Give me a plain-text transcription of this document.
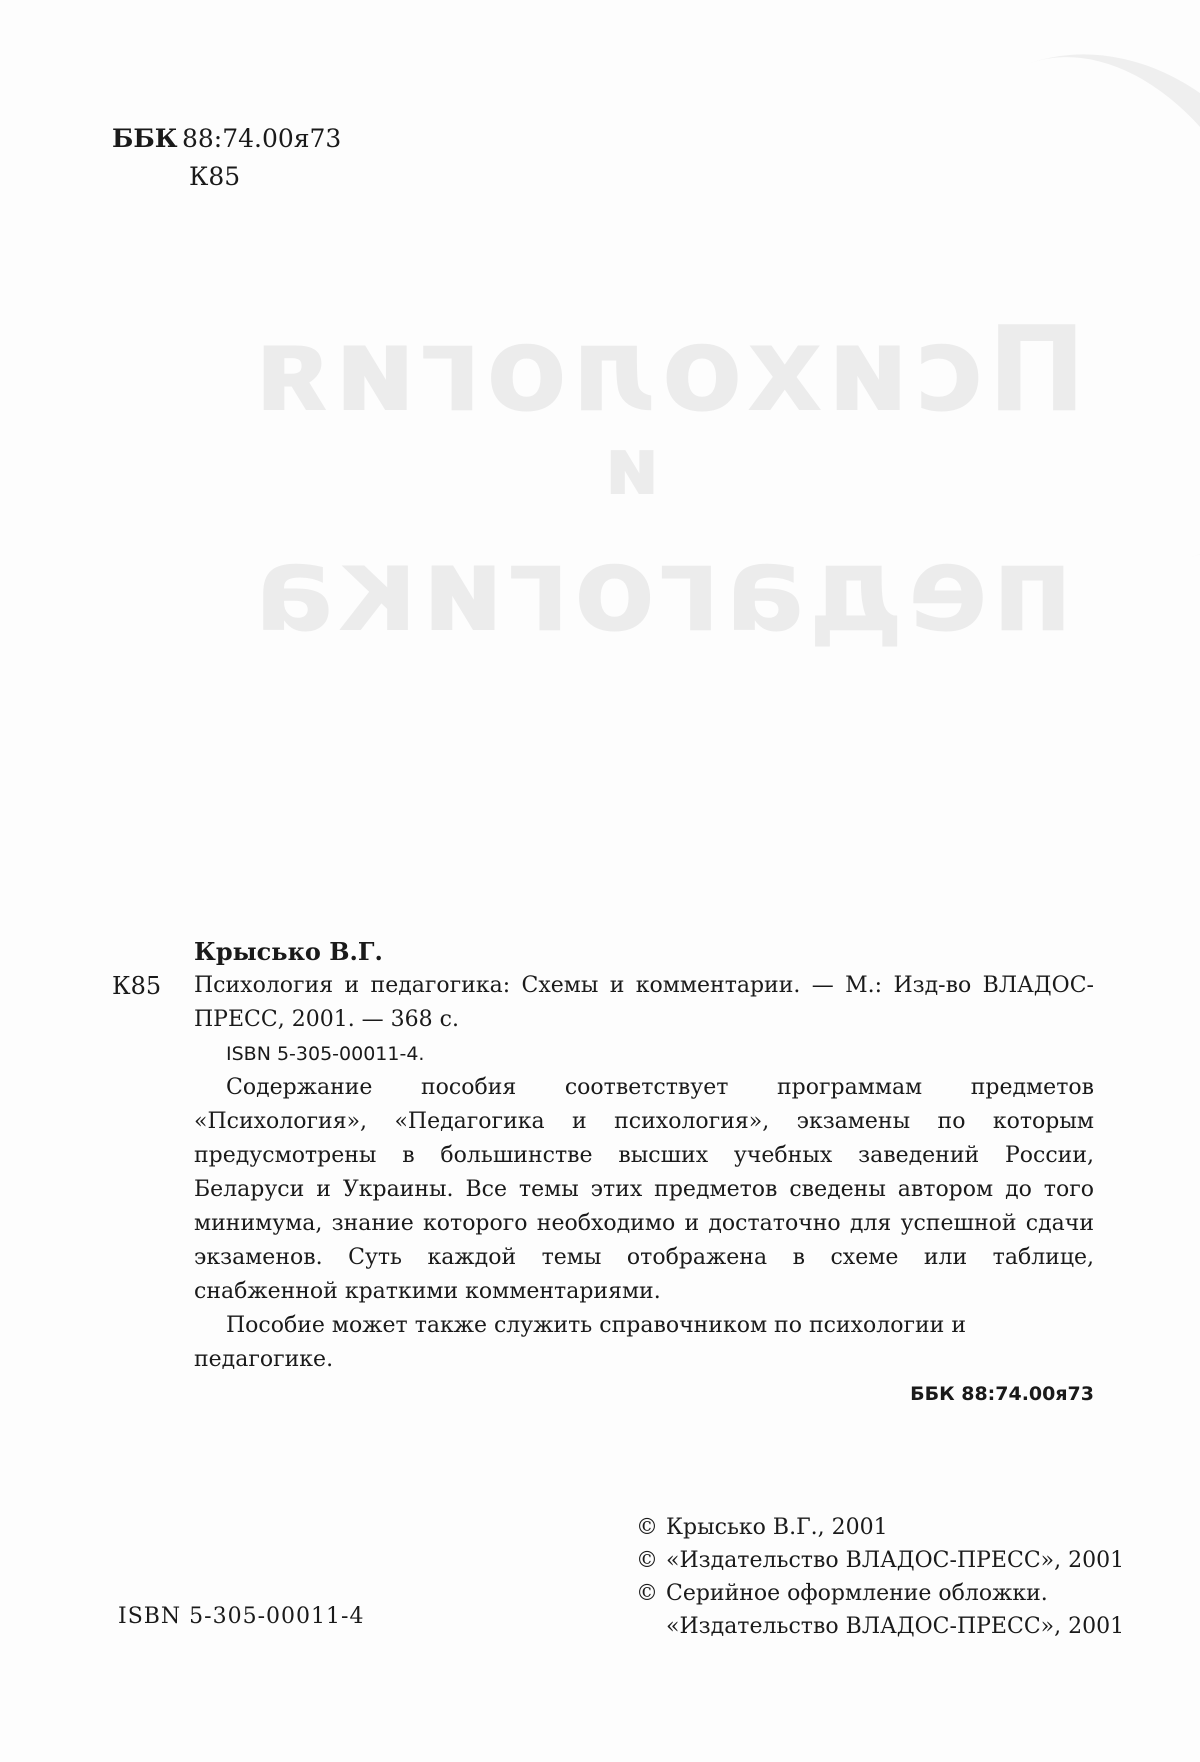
Психология
и
педагогика
ББК 88:74.00я73
К85
Крысько В.Г.
К85 Психология и педагогика: Схемы и комментарии. — М.: Изд-во ВЛАДОС-ПРЕСС, 2001. — 368 с.
ISBN 5-305-00011-4.
Содержание пособия соответствует программам предметов «Психология», «Педагогика и психология», экзамены по которым предусмотрены в большинстве высших учебных заведений России, Беларуси и Украины. Все темы этих предметов сведены автором до того минимума, знание которого необходимо и достаточно для успешной сдачи экзаменов. Суть каждой темы отображена в схеме или таблице, снабженной краткими комментариями.
Пособие может также служить справочником по психологии и педагогике.
ББК 88:74.00я73
ISBN 5-305-00011-4
© Крысько В.Г., 2001
© «Издательство ВЛАДОС-ПРЕСС», 2001
© Серийное оформление обложки.
«Издательство ВЛАДОС-ПРЕСС», 2001
